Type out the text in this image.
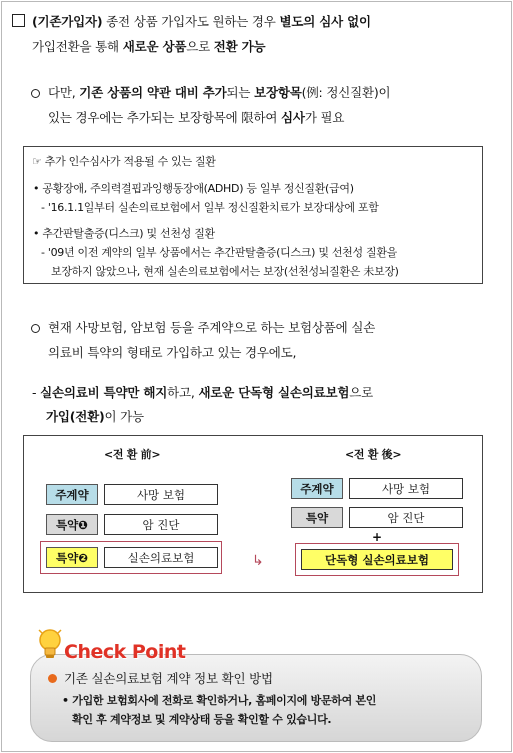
(기존가입자) 종전 상품 가입자도 원하는 경우 별도의 심사 없이
가입전환을 통해 새로운 상품으로 전환 가능
다만, 기존 상품의 약관 대비 추가되는 보장항목(例: 정신질환)이
있는 경우에는 추가되는 보장항목에 限하여 심사가 필요
☞ 추가 인수심사가 적용될 수 있는 질환
• 공황장애, 주의력결핍과잉행동장애(ADHD) 등 일부 정신질환(급여)
- '16.1.1일부터 실손의료보험에서 일부 정신질환치료가 보장대상에 포함
• 추간판탈출증(디스크) 및 선천성 질환
- '09년 이전 계약의 일부 상품에서는 추간판탈출증(디스크) 및 선천성 질환을
보장하지 않았으나, 현재 실손의료보험에서는 보장(선천성뇌질환은 未보장)
현재 사망보험, 암보험 등을 주계약으로 하는 보험상품에 실손
의료비 특약의 형태로 가입하고 있는 경우에도,
- 실손의료비 특약만 해지하고, 새로운 단독형 실손의료보험으로
가입(전환)이 가능
<전 환 前>	<전 환 後>
주계약	사망 보험
특약❶	암 진단
특약❷	실손의료보험	↳
주계약	사망 보험
특약	암 진단
+
단독형 실손의료보험
Check Point
기존 실손의료보험 계약 정보 확인 방법
• 가입한 보험회사에 전화로 확인하거나, 홈페이지에 방문하여 본인
확인 후 계약정보 및 계약상태 등을 확인할 수 있습니다.
